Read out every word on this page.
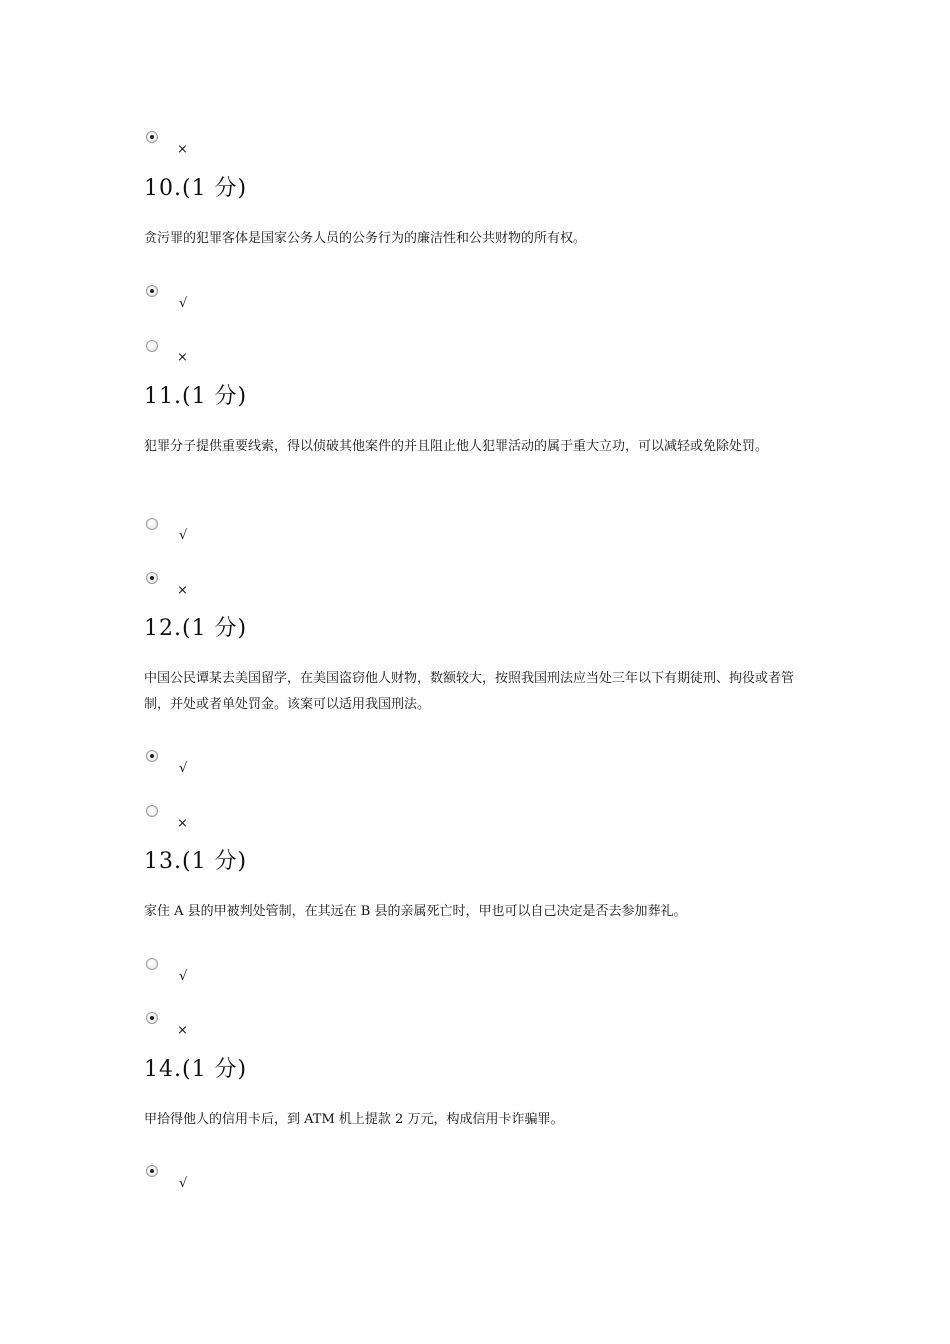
×
10.(1 分)
贪污罪的犯罪客体是国家公务人员的公务行为的廉洁性和公共财物的所有权。
√
×
11.(1 分)
犯罪分子提供重要线索，得以侦破其他案件的并且阻止他人犯罪活动的属于重大立功，可以减轻或免除处罚。
√
×
12.(1 分)
中国公民谭某去美国留学，在美国盗窃他人财物，数额较大，按照我国刑法应当处三年以下有期徒刑、拘役或者管制，并处或者单处罚金。该案可以适用我国刑法。
√
×
13.(1 分)
家住 A 县的甲被判处管制，在其远在 B 县的亲属死亡时，甲也可以自己决定是否去参加葬礼。
√
×
14.(1 分)
甲拾得他人的信用卡后，到 ATM 机上提款 2 万元，构成信用卡诈骗罪。
√
